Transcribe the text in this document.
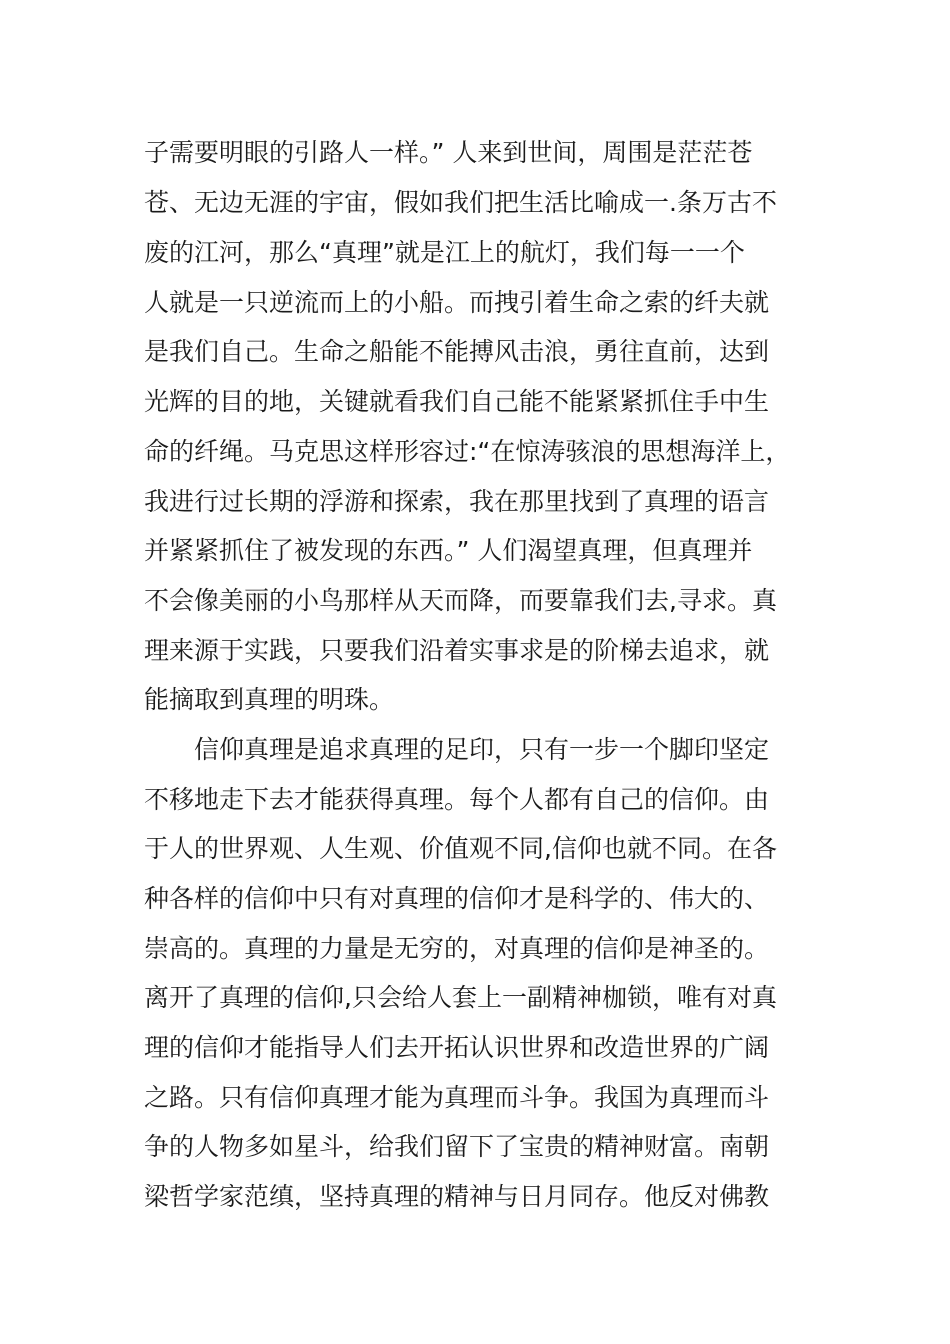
子需要明眼的引路人一样。” 人来到世间，周围是茫茫苍
苍、无边无涯的宇宙，假如我们把生活比喻成一.条万古不
废的江河，那么“真理”就是江上的航灯，我们每一一个
人就是一只逆流而上的小船。而拽引着生命之索的纤夫就
是我们自己。生命之船能不能搏风击浪，勇往直前，达到
光辉的目的地，关键就看我们自己能不能紧紧抓住手中生
命的纤绳。马克思这样形容过:“在惊涛骇浪的思想海洋上，
我进行过长期的浮游和探索，我在那里找到了真理的语言
并紧紧抓住了被发现的东西。” 人们渴望真理，但真理并
不会像美丽的小鸟那样从天而降，而要靠我们去,寻求。真
理来源于实践，只要我们沿着实事求是的阶梯去追求，就
能摘取到真理的明珠。
信仰真理是追求真理的足印，只有一步一个脚印坚定
不移地走下去才能获得真理。每个人都有自己的信仰。由
于人的世界观、人生观、价值观不同,信仰也就不同。在各
种各样的信仰中只有对真理的信仰才是科学的、伟大的、
崇高的。真理的力量是无穷的，对真理的信仰是神圣的。
离开了真理的信仰,只会给人套上一副精神枷锁，唯有对真
理的信仰才能指导人们去开拓认识世界和改造世界的广阔
之路。只有信仰真理才能为真理而斗争。我国为真理而斗
争的人物多如星斗，给我们留下了宝贵的精神财富。南朝
梁哲学家范缜，坚持真理的精神与日月同存。他反对佛教
